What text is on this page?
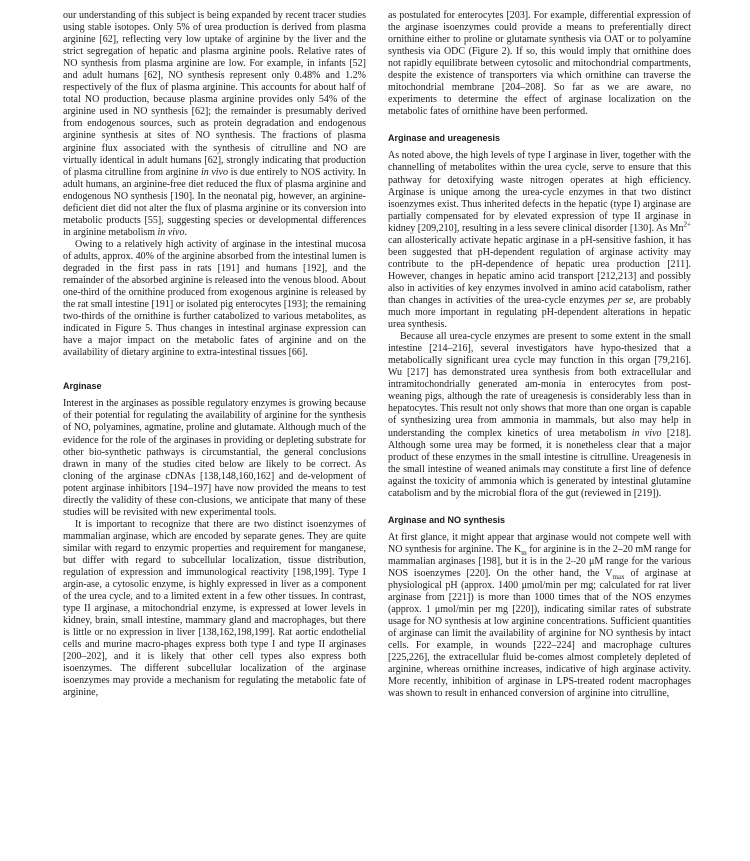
our understanding of this subject is being expanded by recent tracer studies using stable isotopes. Only 5% of urea production is derived from plasma arginine [62], reflecting very low uptake of arginine by the liver and the strict segregation of hepatic and plasma arginine pools. Relative rates of NO synthesis from plasma arginine are low. For example, in infants [52] and adult humans [62], NO synthesis represent only 0.48% and 1.2% respectively of the flux of plasma arginine. This accounts for about half of total NO production, because plasma arginine provides only 54% of the arginine used in NO synthesis [62]; the remainder is presumably derived from endogenous sources, such as protein degradation and endogenous arginine synthesis at sites of NO synthesis. The fractions of plasma arginine flux associated with the synthesis of citrulline and NO are virtually identical in adult humans [62], strongly indicating that production of plasma citrulline from arginine in vivo is due entirely to NOS activity. In adult humans, an arginine-free diet reduced the flux of plasma arginine and endogenous NO synthesis [190]. In the neonatal pig, however, an arginine-deficient diet did not alter the flux of plasma arginine or its conversion into metabolic products [55], suggesting species or developmental differences in arginine metabolism in vivo.

Owing to a relatively high activity of arginase in the intestinal mucosa of adults, approx. 40% of the arginine absorbed from the intestinal lumen is degraded in the first pass in rats [191] and humans [192], and the remainder of the absorbed arginine is released into the venous blood. About one-third of the ornithine produced from exogenous arginine is released by the rat small intestine [191] or isolated pig enterocytes [193]; the remaining two-thirds of the ornithine is further catabolized to various metabolites, as indicated in Figure 5. Thus changes in intestinal arginase expression can have a major impact on the metabolic fates of arginine and on the availability of dietary arginine to extra-intestinal tissues [66].

Arginase

Interest in the arginases as possible regulatory enzymes is growing because of their potential for regulating the availability of arginine for the synthesis of NO, polyamines, agmatine, proline and glutamate. Although much of the evidence for the role of the arginases in providing or depleting substrate for other bio-synthetic pathways is circumstantial, the general conclusions drawn in many of the studies cited below are likely to be correct. As cloning of the arginase cDNAs [138,148,160,162] and de-velopment of potent arginase inhibitors [194–197] have now provided the means to test directly the validity of these con-clusions, we anticipate that many of these studies will be revisited with new experimental tools.

It is important to recognize that there are two distinct isoenzymes of mammalian arginase, which are encoded by separate genes. They are quite similar with regard to enzymic properties and requirement for manganese, but differ with regard to subcellular localization, tissue distribution, regulation of expression and immunological reactivity [198,199]. Type I argin-ase, a cytosolic enzyme, is highly expressed in liver as a component of the urea cycle, and to a limited extent in a few other tissues. In contrast, type II arginase, a mitochondrial enzyme, is expressed at lower levels in kidney, brain, small intestine, mammary gland and macrophages, but there is little or no expression in liver [138,162,198,199]. Rat aortic endothelial cells and murine macro-phages express both type I and type II arginases [200–202], and it is likely that other cell types also express both isoenzymes. The different subcellular localization of the arginase isoenzymes may provide a mechanism for regulating the metabolic fate of arginine,

as postulated for enterocytes [203]. For example, differential expression of the arginase isoenzymes could provide a means to preferentially direct ornithine either to proline or glutamate synthesis via OAT or to polyamine synthesis via ODC (Figure 2). If so, this would imply that ornithine does not rapidly equilibrate between cytosolic and mitochondrial compartments, despite the existence of transporters via which ornithine can traverse the mitochondrial membrane [204–208]. So far as we are aware, no experiments to determine the effect of arginase localization on the metabolic fates of ornithine have been performed.

Arginase and ureagenesis

As noted above, the high levels of type I arginase in liver, together with the channelling of metabolites within the urea cycle, serve to ensure that this pathway for detoxifying waste nitrogen operates at high efficiency. Arginase is unique among the urea-cycle enzymes in that two distinct isoenzymes exist. Thus inherited defects in the hepatic (type I) arginase are partially compensated for by elevated expression of type II arginase in kidney [209,210], resulting in a less severe clinical disorder [130]. As $Mn^{2+}$ can allosterically activate hepatic arginase in a pH-sensitive fashion, it has been suggested that pH-dependent regulation of arginase activity may contribute to the pH-dependence of hepatic urea production [211]. However, changes in hepatic amino acid transport [212,213] and possibly also in activities of key enzymes involved in amino acid catabolism, rather than changes in activities of the urea-cycle enzymes per se, are probably much more important in regulating pH-dependent alterations in hepatic urea synthesis.

Because all urea-cycle enzymes are present to some extent in the small intestine [214–216], several investigators have hypo-thesized that a metabolically significant urea cycle may function in this organ [79,216]. Wu [217] has demonstrated urea synthesis from both extracellular and intramitochondrially generated am-monia in enterocytes from post-weaning pigs, although the rate of ureagenesis is considerably less than in hepatocytes. This result not only shows that more than one organ is capable of synthesizing urea from ammonia in mammals, but also may help in understanding the complex kinetics of urea metabolism in vivo [218]. Although some urea may be formed, it is nonetheless clear that a major product of these enzymes in the small intestine is citrulline. Ureagenesis in the small intestine of weaned animals may constitute a first line of defence against the toxicity of ammonia which is generated by intestinal glutamine catabolism and by the microbial flora of the gut (reviewed in [219]).

Arginase and NO synthesis

At first glance, it might appear that arginase would not compete well with NO synthesis for arginine. The $K_m$ for arginine is in the 2–20 mM range for mammalian arginases [198], but it is in the 2–20 μM range for the various NOS isoenzymes [220]. On the other hand, the $V_{max}$ of arginase at physiological pH (approx. 1400 μmol/min per mg; calculated for rat liver arginase from [221]) is more than 1000 times that of the NOS enzymes (approx. 1 μmol/min per mg [220]), indicating similar rates of substrate usage for NO synthesis at low arginine concentrations. Sufficient quantities of arginase can limit the availability of arginine for NO synthesis by intact cells. For example, in wounds [222–224] and macrophage cultures [225,226], the extracellular fluid be-comes almost completely depleted of arginine, whereas ornithine increases, indicative of high arginase activity. More recently, inhibition of arginase in LPS-treated rodent macrophages was shown to result in enhanced conversion of arginine into citrulline,
